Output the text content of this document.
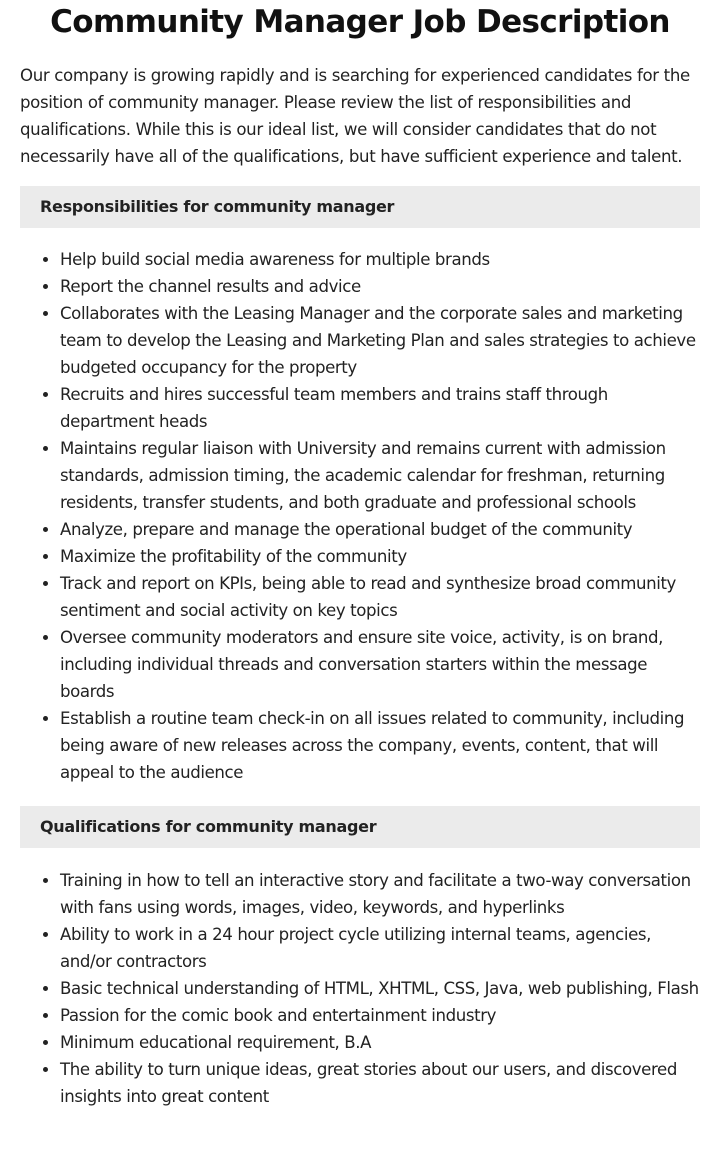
Community Manager Job Description

Our company is growing rapidly and is searching for experienced candidates for the position of community manager. Please review the list of responsibilities and qualifications. While this is our ideal list, we will consider candidates that do not necessarily have all of the qualifications, but have sufficient experience and talent.

Responsibilities for community manager
• Help build social media awareness for multiple brands
• Report the channel results and advice
• Collaborates with the Leasing Manager and the corporate sales and marketing team to develop the Leasing and Marketing Plan and sales strategies to achieve budgeted occupancy for the property
• Recruits and hires successful team members and trains staff through department heads
• Maintains regular liaison with University and remains current with admission standards, admission timing, the academic calendar for freshman, returning residents, transfer students, and both graduate and professional schools
• Analyze, prepare and manage the operational budget of the community
• Maximize the profitability of the community
• Track and report on KPIs, being able to read and synthesize broad community sentiment and social activity on key topics
• Oversee community moderators and ensure site voice, activity, is on brand, including individual threads and conversation starters within the message boards
• Establish a routine team check-in on all issues related to community, including being aware of new releases across the company, events, content, that will appeal to the audience
Qualifications for community manager
• Training in how to tell an interactive story and facilitate a two-way conversation with fans using words, images, video, keywords, and hyperlinks
• Ability to work in a 24 hour project cycle utilizing internal teams, agencies, and/or contractors
• Basic technical understanding of HTML, XHTML, CSS, Java, web publishing, Flash
• Passion for the comic book and entertainment industry
• Minimum educational requirement, B.A
• The ability to turn unique ideas, great stories about our users, and discovered insights into great content
